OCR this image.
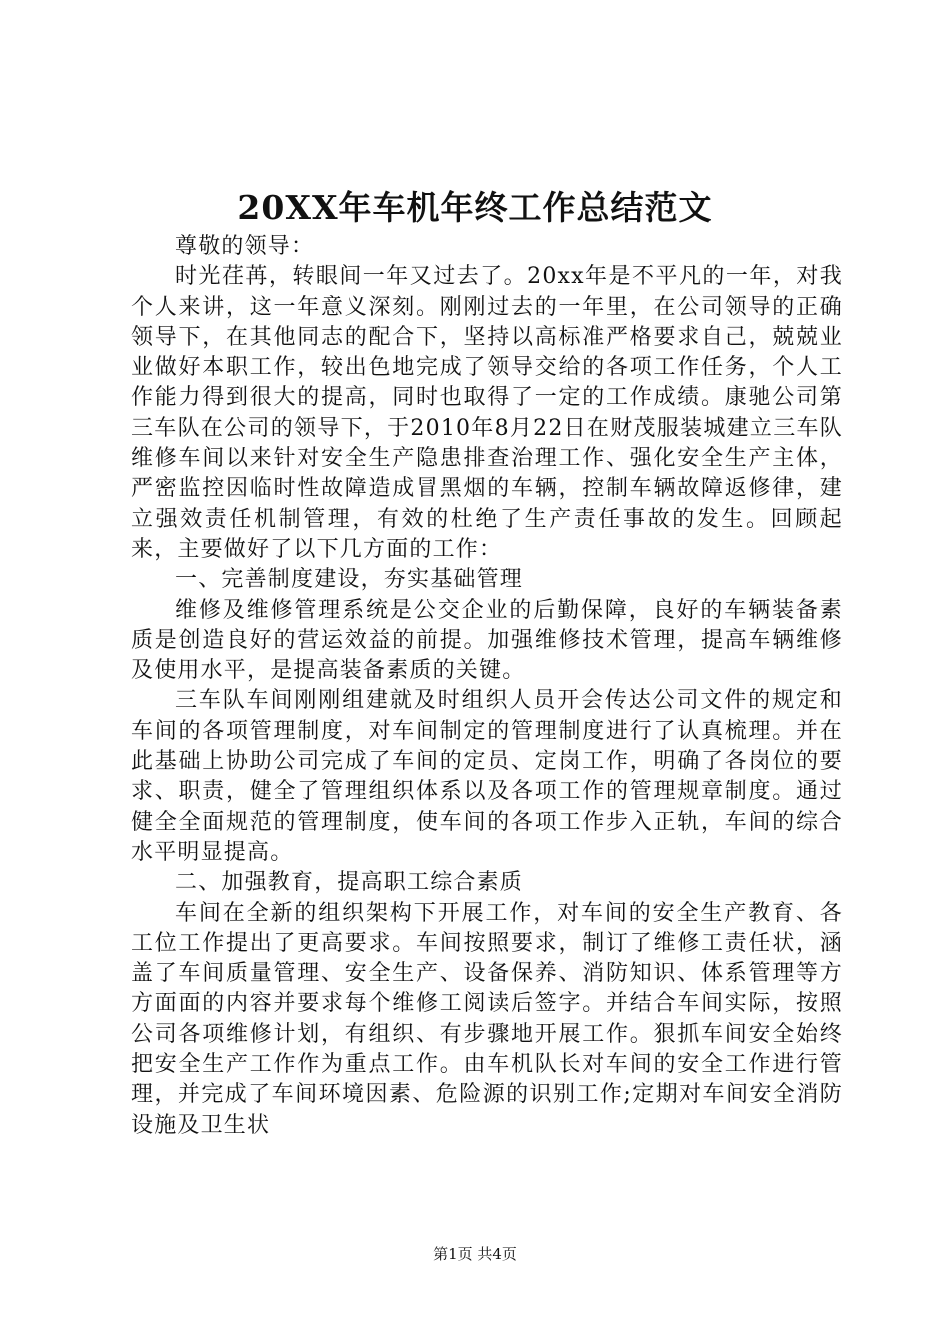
20XX年车机年终工作总结范文

尊敬的领导：

时光荏苒，转眼间一年又过去了。20xx年是不平凡的一年，对我个人来讲，这一年意义深刻。刚刚过去的一年里，在公司领导的正确领导下，在其他同志的配合下，坚持以高标准严格要求自己，兢兢业业做好本职工作，较出色地完成了领导交给的各项工作任务，个人工作能力得到很大的提高，同时也取得了一定的工作成绩。康驰公司第三车队在公司的领导下，于2010年8月22日在财茂服装城建立三车队维修车间以来针对安全生产隐患排查治理工作、强化安全生产主体，严密监控因临时性故障造成冒黑烟的车辆，控制车辆故障返修律，建立强效责任机制管理，有效的杜绝了生产责任事故的发生。回顾起来，主要做好了以下几方面的工作：

一、完善制度建设，夯实基础管理

维修及维修管理系统是公交企业的后勤保障，良好的车辆装备素质是创造良好的营运效益的前提。加强维修技术管理，提高车辆维修及使用水平，是提高装备素质的关键。

三车队车间刚刚组建就及时组织人员开会传达公司文件的规定和车间的各项管理制度，对车间制定的管理制度进行了认真梳理。并在此基础上协助公司完成了车间的定员、定岗工作，明确了各岗位的要求、职责，健全了管理组织体系以及各项工作的管理规章制度。通过健全全面规范的管理制度，使车间的各项工作步入正轨，车间的综合水平明显提高。

二、加强教育，提高职工综合素质

车间在全新的组织架构下开展工作，对车间的安全生产教育、各工位工作提出了更高要求。车间按照要求，制订了维修工责任状，涵盖了车间质量管理、安全生产、设备保养、消防知识、体系管理等方方面面的内容并要求每个维修工阅读后签字。并结合车间实际，按照公司各项维修计划，有组织、有步骤地开展工作。狠抓车间安全始终把安全生产工作作为重点工作。由车机队长对车间的安全工作进行管理，并完成了车间环境因素、危险源的识别工作;定期对车间安全消防设施及卫生状

第1页 共4页
